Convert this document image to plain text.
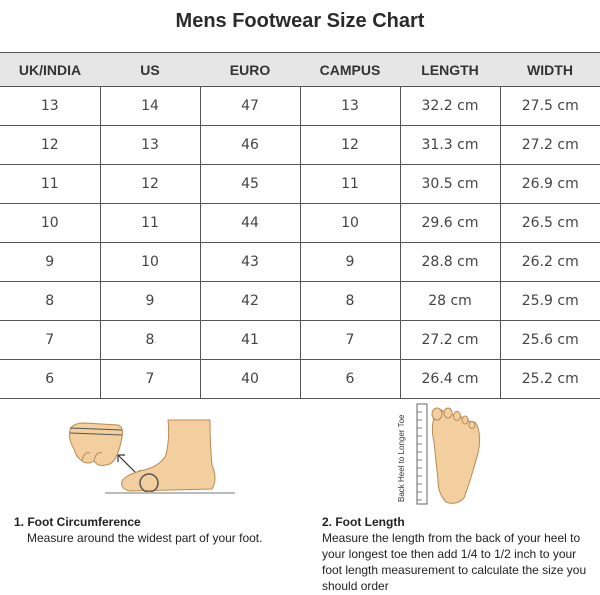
Mens Footwear Size Chart
UK/INDIA	US	EURO	CAMPUS	LENGTH	WIDTH
13	14	47	13	32.2 cm	27.5 cm
12	13	46	12	31.3 cm	27.2 cm
11	12	45	11	30.5 cm	26.9 cm
10	11	44	10	29.6 cm	26.5 cm
9	10	43	9	28.8 cm	26.2 cm
8	9	42	8	28 cm	25.9 cm
7	8	41	7	27.2 cm	25.6 cm
6	7	40	6	26.4 cm	25.2 cm
Back Heel to Longer Toe
1. Foot Circumference
Measure around the widest part of your foot.
2. Foot Length
Measure the length from the back of your heel to your longest toe then add 1/4 to 1/2 inch to your foot length measurement to calculate the size you should order
